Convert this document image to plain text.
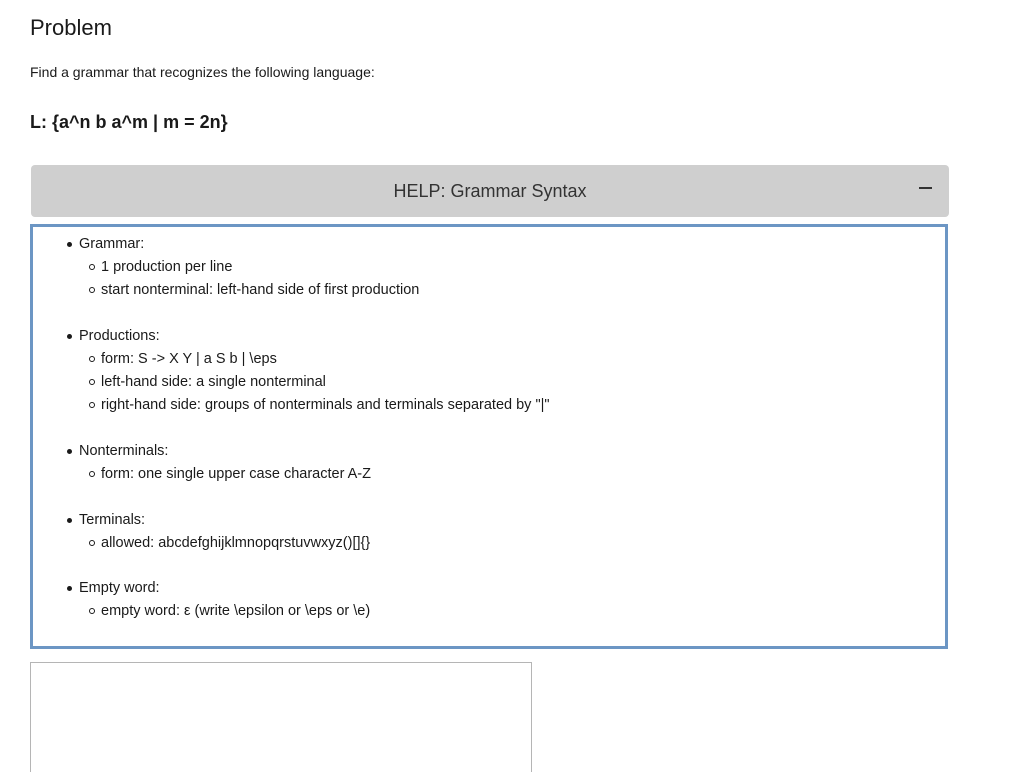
Problem

Find a grammar that recognizes the following language:

L: {a^n b a^m | m = 2n}

HELP: Grammar Syntax
Grammar:
1 production per line
start nonterminal: left-hand side of first production
Productions:
form: S -> X Y | a S b | \eps
left-hand side: a single nonterminal
right-hand side: groups of nonterminals and terminals separated by "|"
Nonterminals:
form: one single upper case character A-Z
Terminals:
allowed: abcdefghijklmnopqrstuvwxyz()[]{}
Empty word:
empty word: ε (write \epsilon or \eps or \e)
